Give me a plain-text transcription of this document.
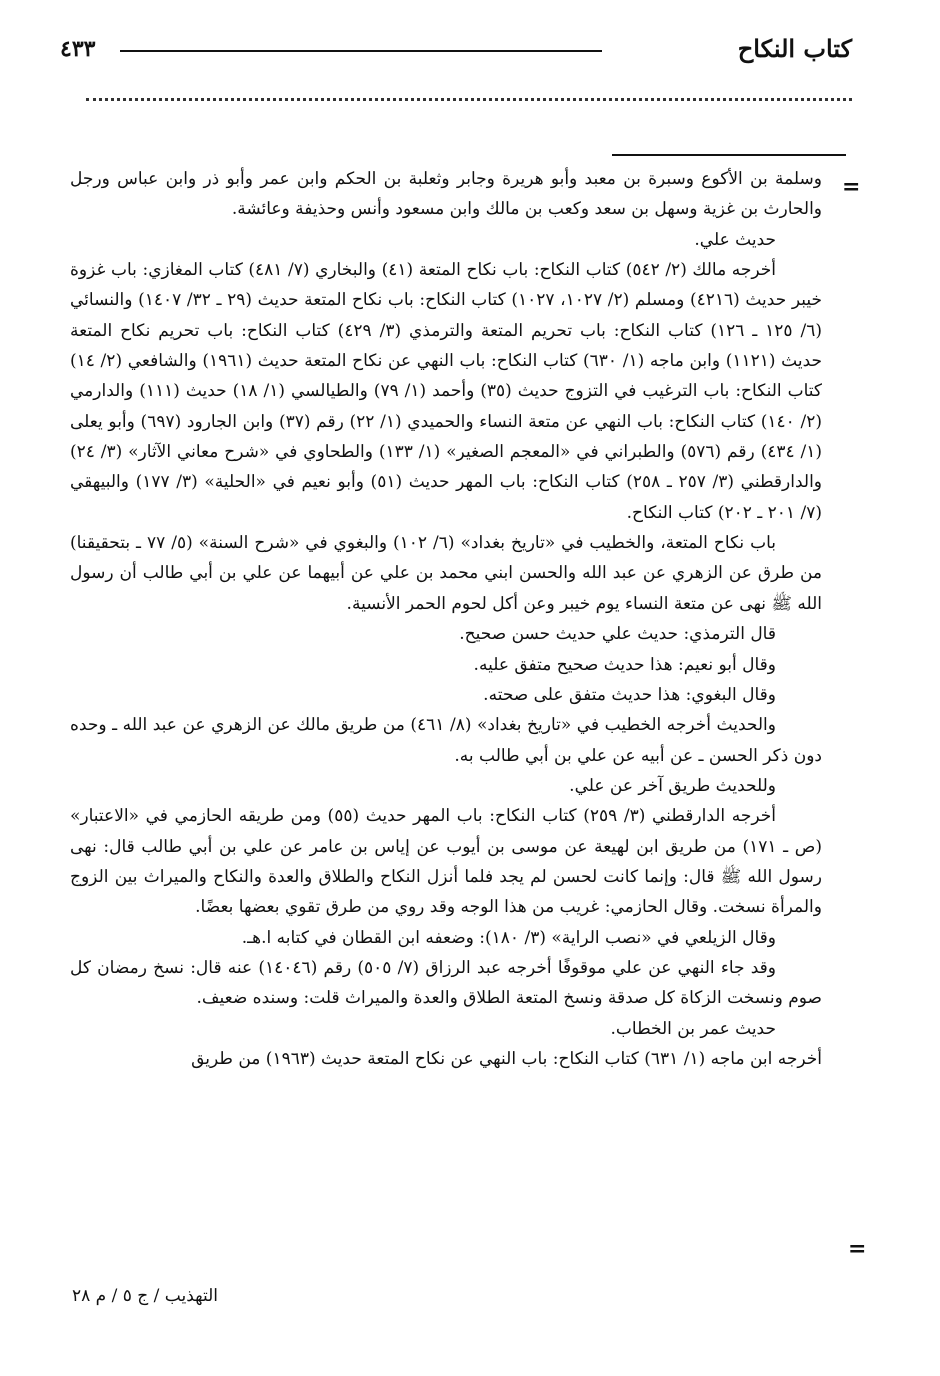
كتاب النكاح
٤٣٣
=
=

وسلمة بن الأكوع وسبرة بن معبد وأبو هريرة وجابر وثعلبة بن الحكم وابن عمر وأبو ذر وابن عباس ورجل والحارث بن غزية وسهل بن سعد وكعب بن مالك وابن مسعود وأنس وحذيفة وعائشة.

حديث علي.

أخرجه مالك (٢/ ٥٤٢) كتاب النكاح: باب نكاح المتعة (٤١) والبخاري (٧/ ٤٨١) كتاب المغازي: باب غزوة خيبر حديث (٤٢١٦) ومسلم (٢/ ١٠٢٧، ١٠٢٧) كتاب النكاح: باب نكاح المتعة حديث (٢٩ ـ ٣٢/ ١٤٠٧) والنسائي (٦/ ١٢٥ ـ ١٢٦) كتاب النكاح: باب تحريم المتعة والترمذي (٣/ ٤٢٩) كتاب النكاح: باب تحريم نكاح المتعة حديث (١١٢١) وابن ماجه (١/ ٦٣٠) كتاب النكاح: باب النهي عن نكاح المتعة حديث (١٩٦١) والشافعي (٢/ ١٤) كتاب النكاح: باب الترغيب في التزوج حديث (٣٥) وأحمد (١/ ٧٩) والطيالسي (١/ ١٨) حديث (١١١) والدارمي (٢/ ١٤٠) كتاب النكاح: باب النهي عن متعة النساء والحميدي (١/ ٢٢) رقم (٣٧) وابن الجارود (٦٩٧) وأبو يعلى (١/ ٤٣٤) رقم (٥٧٦) والطبراني في «المعجم الصغير» (١/ ١٣٣) والطحاوي في «شرح معاني الآثار» (٣/ ٢٤) والدارقطني (٣/ ٢٥٧ ـ ٢٥٨) كتاب النكاح: باب المهر حديث (٥١) وأبو نعيم في «الحلية» (٣/ ١٧٧) والبيهقي (٧/ ٢٠١ ـ ٢٠٢) كتاب النكاح.

باب نكاح المتعة، والخطيب في «تاريخ بغداد» (٦/ ١٠٢) والبغوي في «شرح السنة» (٥/ ٧٧ ـ بتحقيقنا) من طرق عن الزهري عن عبد الله والحسن ابني محمد بن علي عن أبيهما عن علي بن أبي طالب أن رسول الله ﷺ نهى عن متعة النساء يوم خيبر وعن أكل لحوم الحمر الأنسية.

قال الترمذي: حديث علي حديث حسن صحيح.

وقال أبو نعيم: هذا حديث صحيح متفق عليه.

وقال البغوي: هذا حديث متفق على صحته.

والحديث أخرجه الخطيب في «تاريخ بغداد» (٨/ ٤٦١) من طريق مالك عن الزهري عن عبد الله ـ وحده دون ذكر الحسن ـ عن أبيه عن علي بن أبي طالب به.

وللحديث طريق آخر عن علي.

أخرجه الدارقطني (٣/ ٢٥٩) كتاب النكاح: باب المهر حديث (٥٥) ومن طريقه الحازمي في «الاعتبار» (ص ـ ١٧١) من طريق ابن لهيعة عن موسى بن أيوب عن إياس بن عامر عن علي بن أبي طالب قال: نهى رسول الله ﷺ قال: وإنما كانت لحسن لم يجد فلما أنزل النكاح والطلاق والعدة والنكاح والميراث بين الزوج والمرأة نسخت. وقال الحازمي: غريب من هذا الوجه وقد روي من طرق تقوي بعضها بعضًا.

وقال الزيلعي في «نصب الراية» (٣/ ١٨٠): وضعفه ابن القطان في كتابه ا.هـ.

وقد جاء النهي عن علي موقوفًا أخرجه عبد الرزاق (٧/ ٥٠٥) رقم (١٤٠٤٦) عنه قال: نسخ رمضان كل صوم ونسخت الزكاة كل صدقة ونسخ المتعة الطلاق والعدة والميراث قلت: وسنده ضعيف.

حديث عمر بن الخطاب.

أخرجه ابن ماجه (١/ ٦٣١) كتاب النكاح: باب النهي عن نكاح المتعة حديث (١٩٦٣) من طريق

التهذيب / ج ٥ / م ٢٨
